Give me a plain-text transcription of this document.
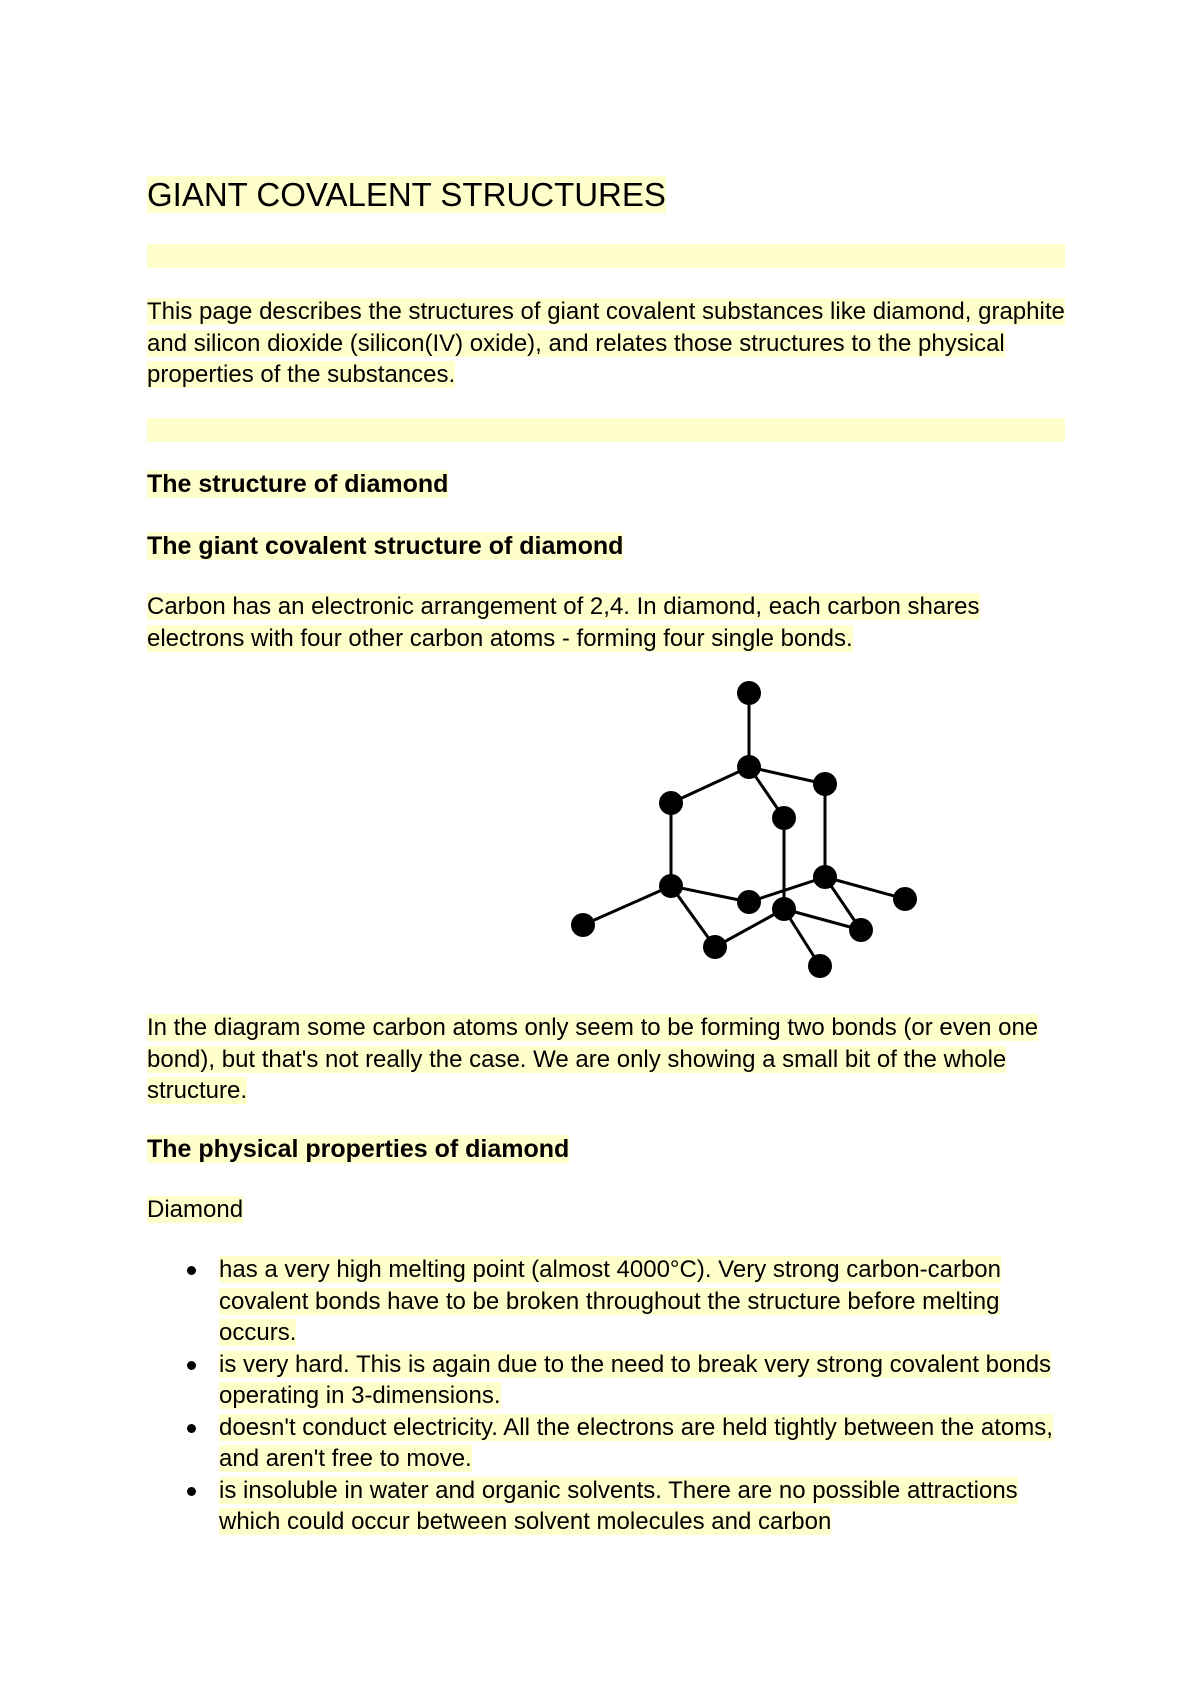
GIANT COVALENT STRUCTURES
This page describes the structures of giant covalent substances like diamond, graphite and silicon dioxide (silicon(IV) oxide), and relates those structures to the physical properties of the substances.
The structure of diamond
The giant covalent structure of diamond
Carbon has an electronic arrangement of 2,4. In diamond, each carbon shares electrons with four other carbon atoms - forming four single bonds.
In the diagram some carbon atoms only seem to be forming two bonds (or even one bond), but that's not really the case. We are only showing a small bit of the whole structure.
The physical properties of diamond
Diamond
has a very high melting point (almost 4000°C). Very strong carbon-carbon covalent bonds have to be broken throughout the structure before melting occurs.
is very hard. This is again due to the need to break very strong covalent bonds operating in 3-dimensions.
doesn't conduct electricity. All the electrons are held tightly between the atoms, and aren't free to move.
is insoluble in water and organic solvents. There are no possible attractions which could occur between solvent molecules and carbon
